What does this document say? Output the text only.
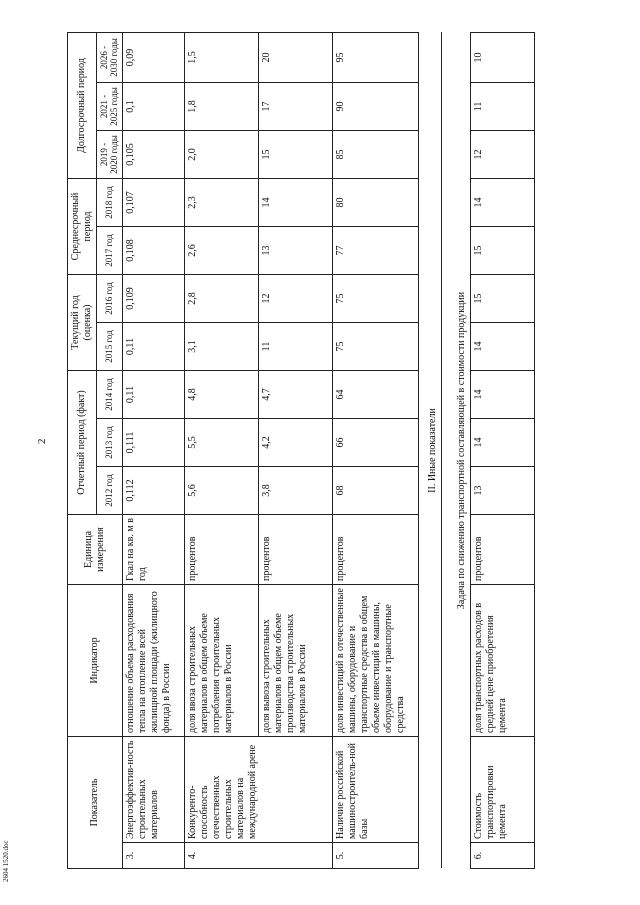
2
2604 1520.doc
Показатель		Индикатор	Единица измерения	Отчетный период (факт)			Текущий год (оценка)		Среднесрочный период		Долгосрочный период		
				2012 год	2013 год	2014 год	2015 год	2016 год	2017 год	2018 год	2019 - 2020 годы	2021 - 2025 годы	2026 - 2030 годы
3.	Энергоэффектив-ность строительных материалов	отношение объема расходования тепла на отопление всей жилищной площади (жилищного фонда) в России	Гкал на кв. м в год	0,112	0,111	0,11	0,11	0,109	0,108	0,107	0,105	0,1	0,09
4.	Конкуренто-способность отечественных строительных материалов на международной арене	доля ввоза строительных материалов в общем объеме потребления строительных материалов в России	процентов	5,6	5,5	4,8	3,1	2,8	2,6	2,3	2,0	1,8	1,5
		доля вывоза строительных материалов в общем объеме производства строительных материалов в России	процентов	3,8	4,2	4,7	11	12	13	14	15	17	20
5.	Наличие российской машиностроитель-ной базы	доля инвестиций в отечественные машины, оборудование и транспортные средства в общем объеме инвестиций в машины, оборудование и транспортные средства	процентов	68	66	64	75	75	77	80	85	90	95
II. Иные показатели													
Задача по снижению транспортной составляющей в стоимости продукции													
6.	Стоимость транспортировки цемента	доля транспортных расходов в средней цене приобретения цемента	процентов	13	14	14	14	15	15	14	12	11	10
